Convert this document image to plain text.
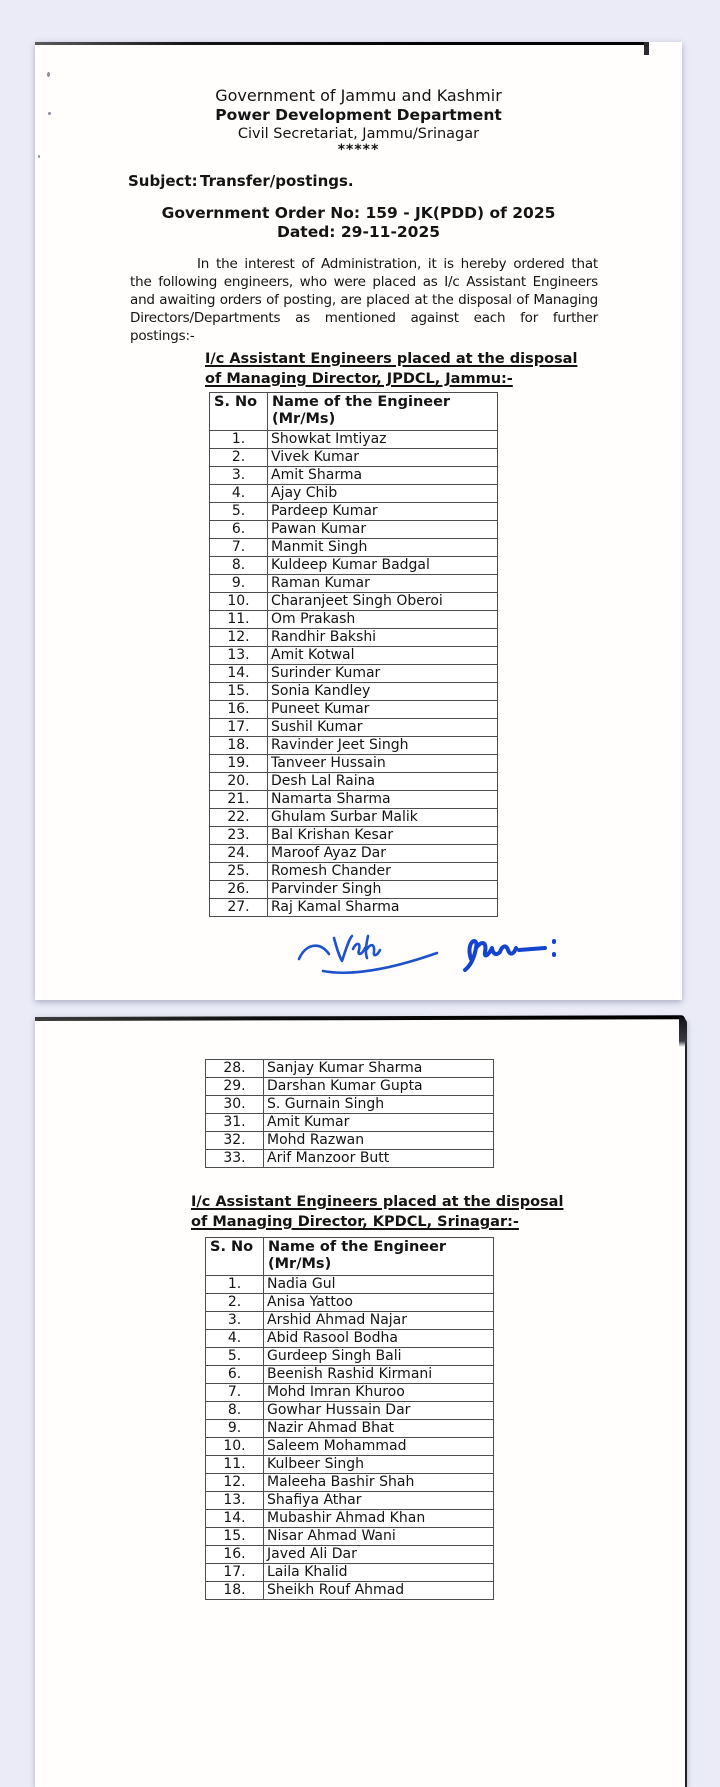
Government of Jammu and Kashmir
Power Development Department
Civil Secretariat, Jammu/Srinagar
*****
Subject: Transfer/postings.
Government Order No: 159 - JK(PDD) of 2025
Dated: 29-11-2025
In the interest of Administration, it is hereby ordered that the following engineers, who were placed as I/c Assistant Engineers and awaiting orders of posting, are placed at the disposal of Managing Directors/Departments as mentioned against each for further postings:-
I/c Assistant Engineers placed at the disposal
of Managing Director, JPDCL, Jammu:-
S. No	Name of the Engineer
(Mr/Ms)

1.	Showkat Imtiyaz
2.	Vivek Kumar
3.	Amit Sharma
4.	Ajay Chib
5.	Pardeep Kumar
6.	Pawan Kumar
7.	Manmit Singh
8.	Kuldeep Kumar Badgal
9.	Raman Kumar
10.	Charanjeet Singh Oberoi
11.	Om Prakash
12.	Randhir Bakshi
13.	Amit Kotwal
14.	Surinder Kumar
15.	Sonia Kandley
16.	Puneet Kumar
17.	Sushil Kumar
18.	Ravinder Jeet Singh
19.	Tanveer Hussain
20.	Desh Lal Raina
21.	Namarta Sharma
22.	Ghulam Surbar Malik
23.	Bal Krishan Kesar
24.	Maroof Ayaz Dar
25.	Romesh Chander
26.	Parvinder Singh
27.	Raj Kamal Sharma
28.	Sanjay Kumar Sharma
29.	Darshan Kumar Gupta
30.	S. Gurnain Singh
31.	Amit Kumar
32.	Mohd Razwan
33.	Arif Manzoor Butt
I/c Assistant Engineers placed at the disposal
of Managing Director, KPDCL, Srinagar:-
S. No	Name of the Engineer
(Mr/Ms)

1.	Nadia Gul
2.	Anisa Yattoo
3.	Arshid Ahmad Najar
4.	Abid Rasool Bodha
5.	Gurdeep Singh Bali
6.	Beenish Rashid Kirmani
7.	Mohd Imran Khuroo
8.	Gowhar Hussain Dar
9.	Nazir Ahmad Bhat
10.	Saleem Mohammad
11.	Kulbeer Singh
12.	Maleeha Bashir Shah
13.	Shafiya Athar
14.	Mubashir Ahmad Khan
15.	Nisar Ahmad Wani
16.	Javed Ali Dar
17.	Laila Khalid
18.	Sheikh Rouf Ahmad
